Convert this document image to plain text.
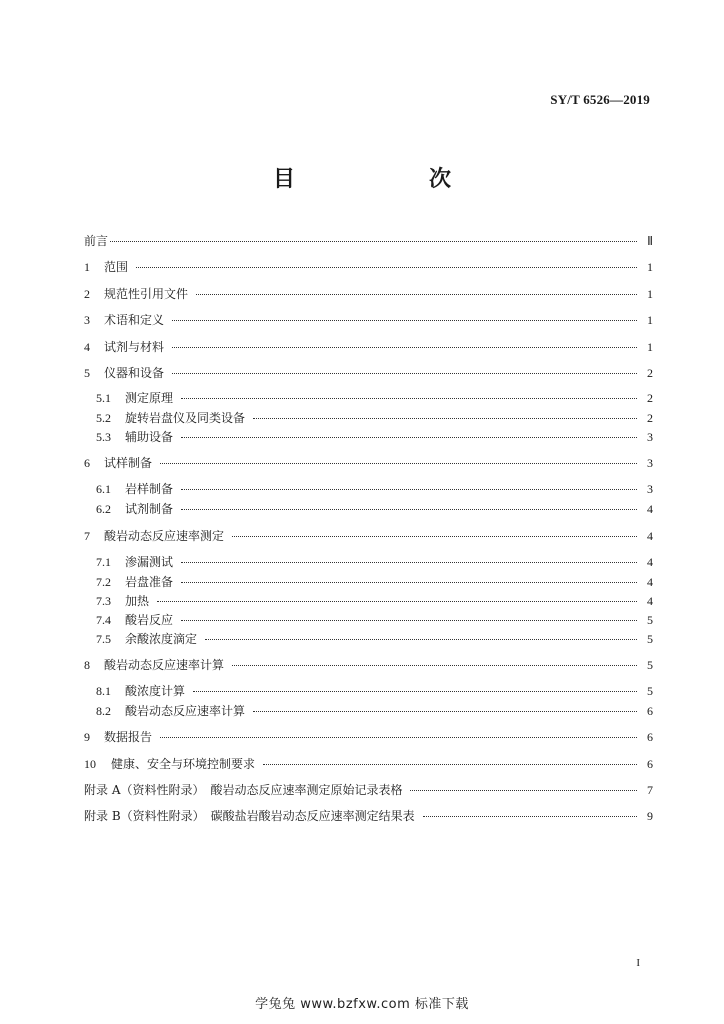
SY/T 6526—2019
目　　次
前言	Ⅱ
1	范围	1
2	规范性引用文件	1
3	术语和定义	1
4	试剂与材料	1
5	仪器和设备	2
5.1	测定原理	2
5.2	旋转岩盘仪及同类设备	2
5.3	辅助设备	3
6	试样制备	3
6.1	岩样制备	3
6.2	试剂制备	4
7	酸岩动态反应速率测定	4
7.1	渗漏测试	4
7.2	岩盘准备	4
7.3	加热	4
7.4	酸岩反应	5
7.5	余酸浓度滴定	5
8	酸岩动态反应速率计算	5
8.1	酸浓度计算	5
8.2	酸岩动态反应速率计算	6
9	数据报告	6
10	健康、安全与环境控制要求	6
附录 A（资料性附录）　酸岩动态反应速率测定原始记录表格	7
附录 B（资料性附录）　碳酸盐岩酸岩动态反应速率测定结果表	9
I
学兔兔 www.bzfxw.com 标准下载
